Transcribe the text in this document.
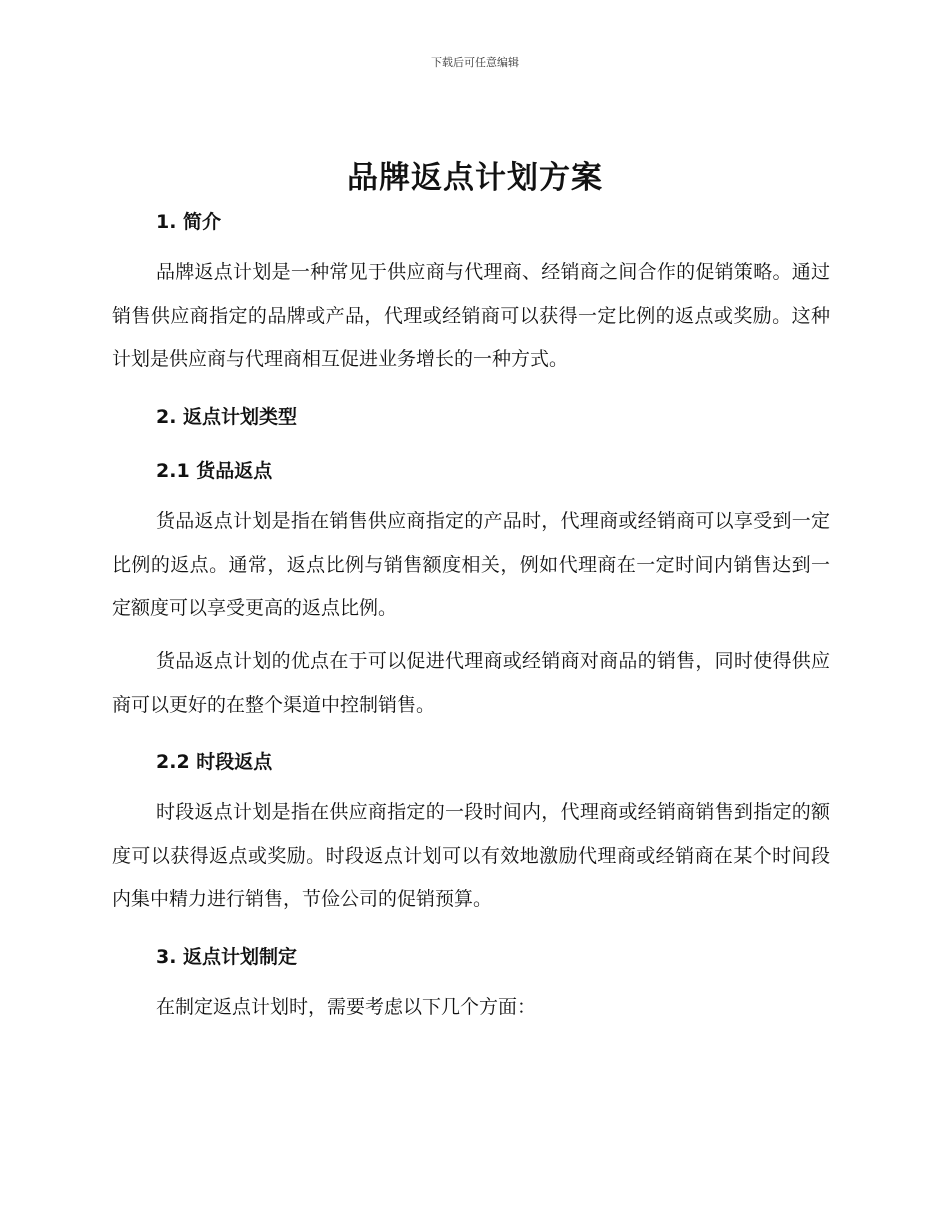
下载后可任意编辑
品牌返点计划方案
1. 简介

品牌返点计划是一种常见于供应商与代理商、经销商之间合作的促销策略。通过销售供应商指定的品牌或产品，代理或经销商可以获得一定比例的返点或奖励。这种计划是供应商与代理商相互促进业务增长的一种方式。

2. 返点计划类型
2.1 货品返点

货品返点计划是指在销售供应商指定的产品时，代理商或经销商可以享受到一定比例的返点。通常，返点比例与销售额度相关，例如代理商在一定时间内销售达到一定额度可以享受更高的返点比例。

货品返点计划的优点在于可以促进代理商或经销商对商品的销售，同时使得供应商可以更好的在整个渠道中控制销售。

2.2 时段返点

时段返点计划是指在供应商指定的一段时间内，代理商或经销商销售到指定的额度可以获得返点或奖励。时段返点计划可以有效地激励代理商或经销商在某个时间段内集中精力进行销售，节俭公司的促销预算。

3. 返点计划制定

在制定返点计划时，需要考虑以下几个方面：
